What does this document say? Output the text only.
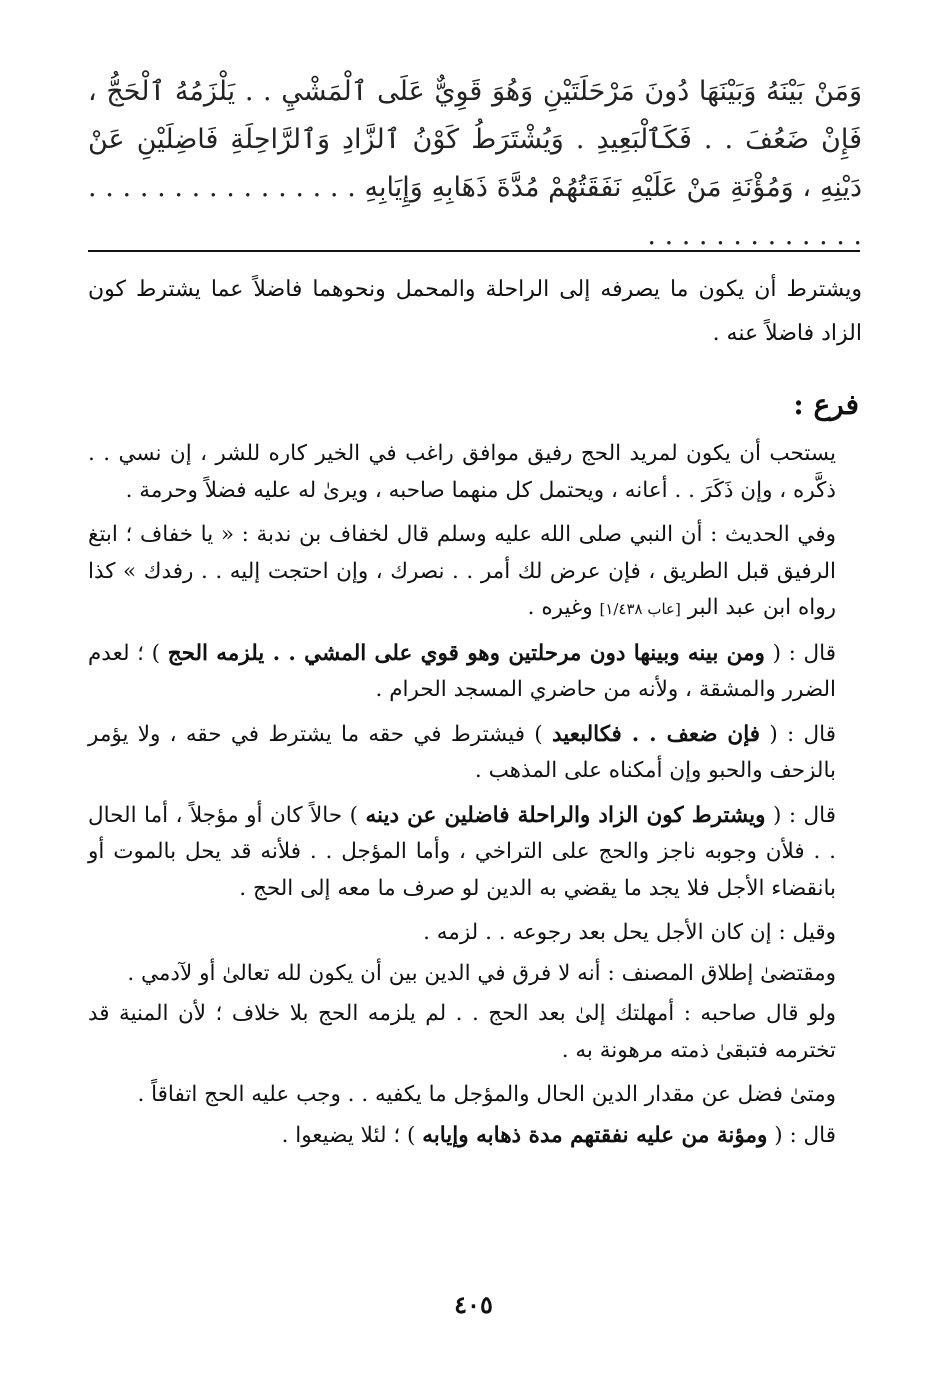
وَمَنْ بَيْنَهُ وَبَيْنَهَا دُونَ مَرْحَلَتَيْنِ وَهُوَ قَوِيٌّ عَلَى ٱلْمَشْيِ . . يَلْزَمُهُ ٱلْحَجُّ ، فَإِنْ ضَعُفَ . . فَكَٱلْبَعِيدِ . وَيُشْتَرَطُ كَوْنُ ٱلزَّادِ وَٱلرَّاحِلَةِ فَاضِلَيْنِ عَنْ دَيْنِهِ ، وَمُؤْنَةِ مَنْ عَلَيْهِ نَفَقَتُهُمْ مُدَّةَ ذَهَابِهِ وَإِيَابِهِ . . . . . . . . . . . . . . . . . . . . . . . . . . . . .
ويشترط أن يكون ما يصرفه إلى الراحلة والمحمل ونحوهما فاضلاً عما يشترط كون الزاد فاضلاً عنه .
فرع :

يستحب أن يكون لمريد الحج رفيق موافق راغب في الخير كاره للشر ، إن نسي . . ذكَّره ، وإن ذَكَرَ . . أعانه ، ويحتمل كل منهما صاحبه ، ويرىٰ له عليه فضلاً وحرمة .

وفي الحديث : أن النبي صلى الله عليه وسلم قال لخفاف بن ندبة : « يا خفاف ؛ ابتغ الرفيق قبل الطريق ، فإن عرض لك أمر . . نصرك ، وإن احتجت إليه . . رفدك » كذا رواه ابن عبد البر [عاب ١/٤٣٨] وغيره .

قال : ( ومن بينه وبينها دون مرحلتين وهو قوي على المشي . . يلزمه الحج ) ؛ لعدم الضرر والمشقة ، ولأنه من حاضري المسجد الحرام .

قال : ( فإن ضعف . . فكالبعيد ) فيشترط في حقه ما يشترط في حقه ، ولا يؤمر بالزحف والحبو وإن أمكناه على المذهب .

قال : ( ويشترط كون الزاد والراحلة فاضلين عن دينه ) حالاً كان أو مؤجلاً ، أما الحال . . فلأن وجوبه ناجز والحج على التراخي ، وأما المؤجل . . فلأنه قد يحل بالموت أو بانقضاء الأجل فلا يجد ما يقضي به الدين لو صرف ما معه إلى الحج .

وقيل : إن كان الأجل يحل بعد رجوعه . . لزمه .

ومقتضىٰ إطلاق المصنف : أنه لا فرق في الدين بين أن يكون لله تعالىٰ أو لآدمي .

ولو قال صاحبه : أمهلتك إلىٰ بعد الحج . . لم يلزمه الحج بلا خلاف ؛ لأن المنية قد تخترمه فتبقىٰ ذمته مرهونة به .

ومتىٰ فضل عن مقدار الدين الحال والمؤجل ما يكفيه . . وجب عليه الحج اتفاقاً .

قال : ( ومؤنة من عليه نفقتهم مدة ذهابه وإيابه ) ؛ لئلا يضيعوا .

٤٠٥
